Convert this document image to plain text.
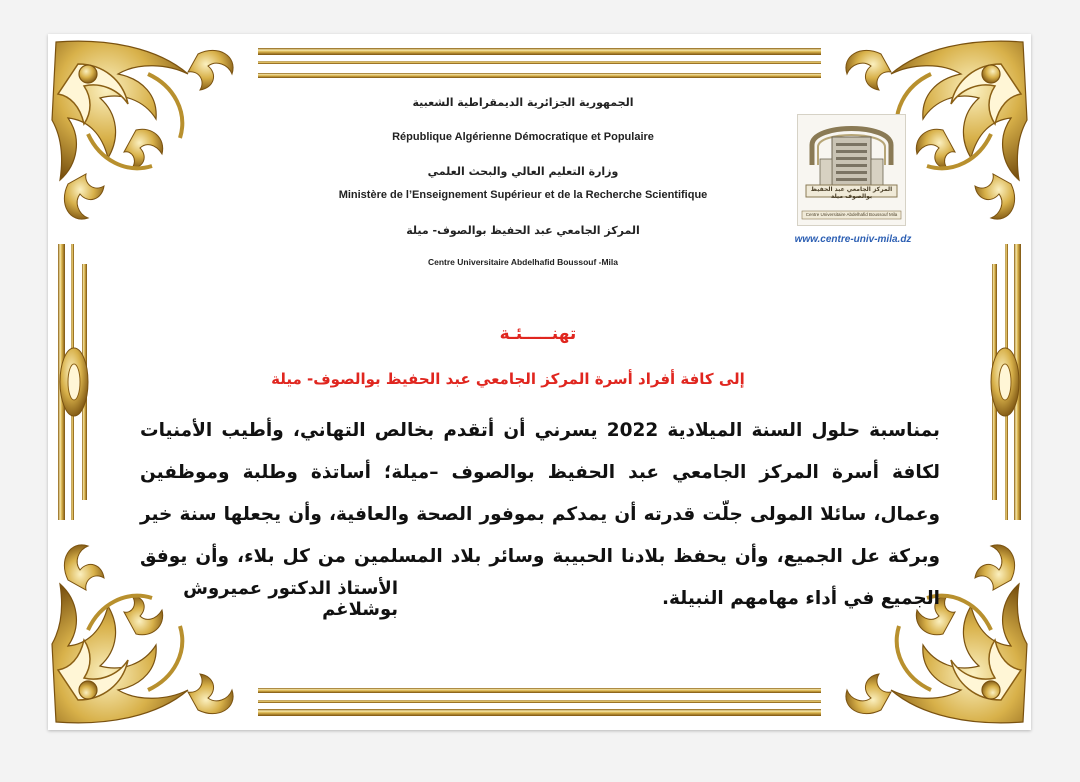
الجمهورية الجزائرية الديمقراطية الشعبية
République Algérienne Démocratique et Populaire
وزارة التعليم العالي والبحث العلمي
Ministère de l’Enseignement Supérieur et de la Recherche Scientifique
المركز الجامعي عبد الحفيظ بوالصوف- ميلة
Centre Universitaire Abdelhafid Boussouf -Mila
المركز الجامعي عبد الحفيظ بوالصوف ميلة
Centre Universitaire Abdelhafid Boussouf Mila
www.centre-univ-mila.dz
تهنـــــئـة
إلى كافة أفراد أسرة المركز الجامعي عبد الحفيظ بوالصوف- ميلة
بمناسبة حلول السنة الميلادية 2022 يسرني أن أتقدم بخالص التهاني، وأطيب الأمنيات لكافة أسرة المركز الجامعي عبد الحفيظ بوالصوف –ميلة؛ أساتذة وطلبة وموظفين وعمال، سائلا المولى جلّت قدرته أن يمدكم بموفور الصحة والعافية، وأن يجعلها سنة خير وبركة عل الجميع، وأن يحفظ بلادنا الحبيبة وسائر بلاد المسلمين من كل بلاء، وأن يوفق الجميع في أداء مهامهم النبيلة.
الأستاذ الدكتور عميروش بوشلاغم
